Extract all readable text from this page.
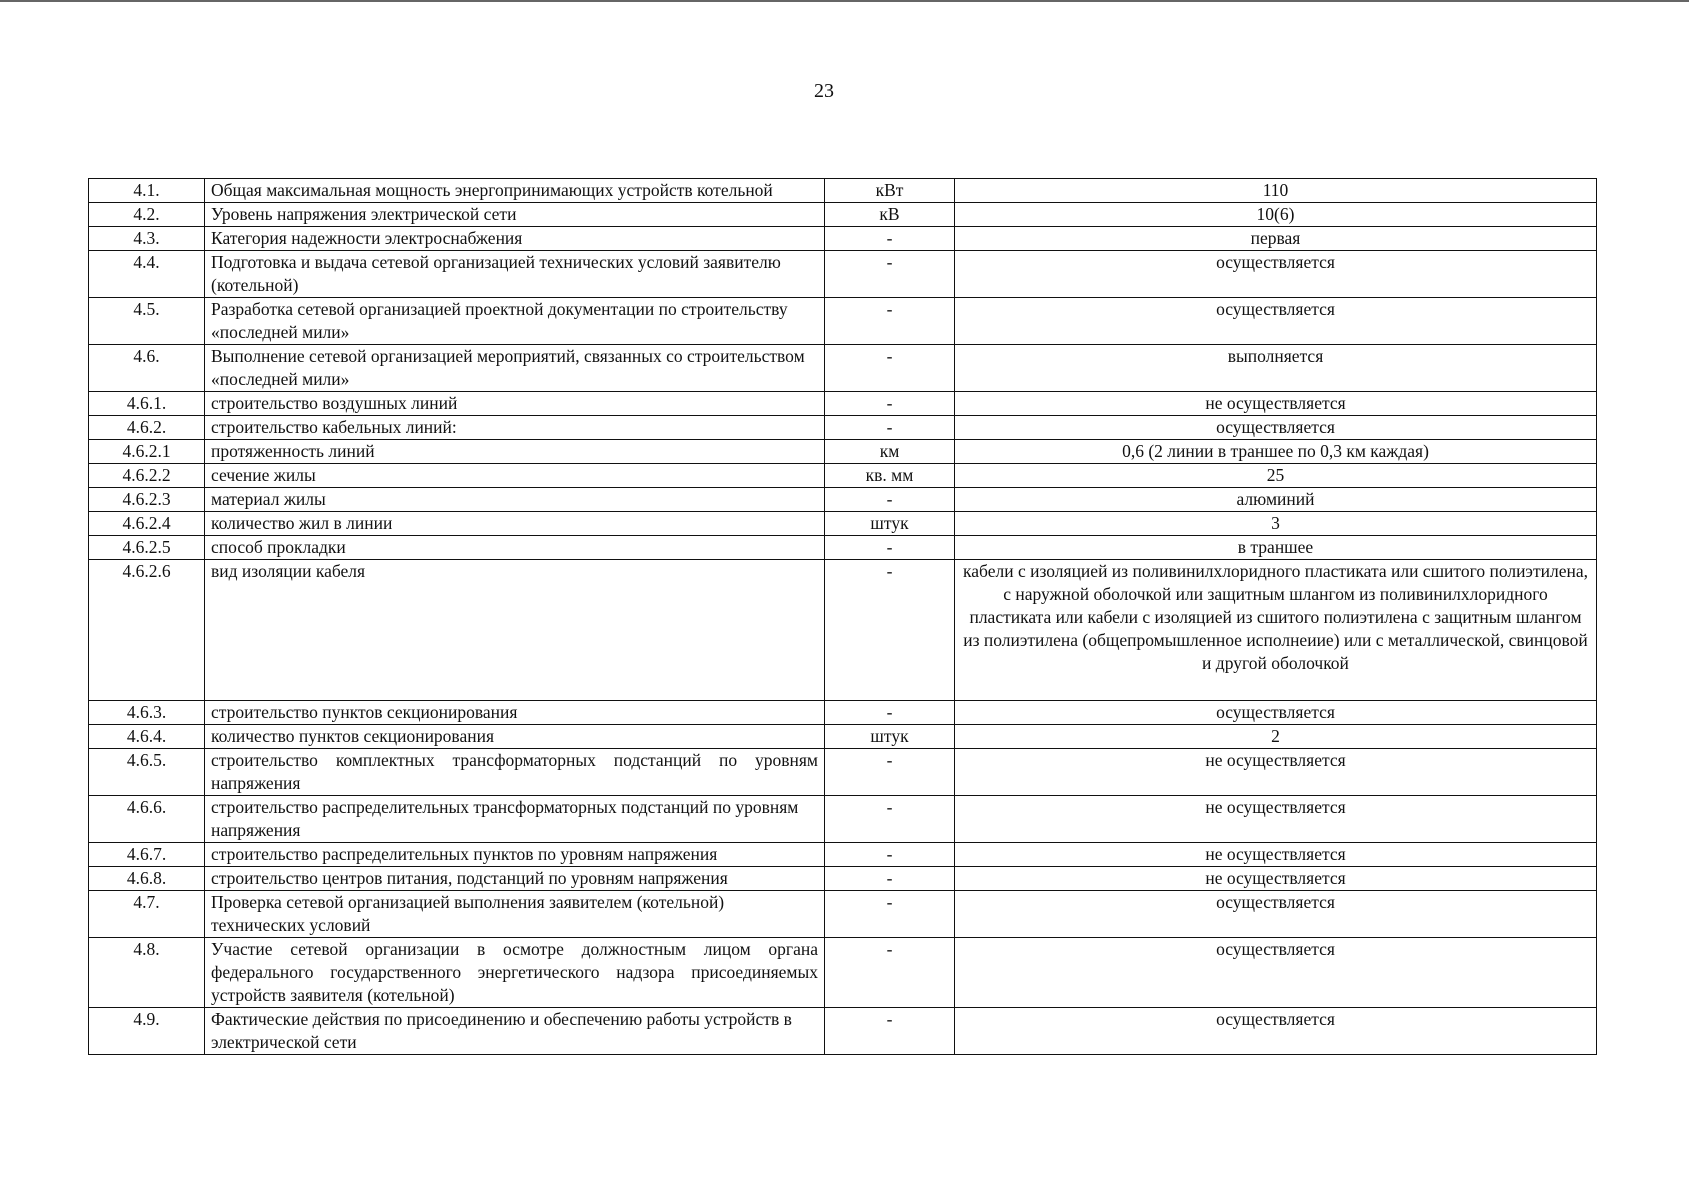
23
4.1.	Общая максимальная мощность энергопринимающих устройств котельной	кВт	110
4.2.	Уровень напряжения электрической сети	кВ	10(6)
4.3.	Категория надежности электроснабжения	-	первая
4.4.	Подготовка и выдача сетевой организацией технических условий заявителю (котельной)	-	осуществляется
4.5.	Разработка сетевой организацией проектной документации по строительству «последней мили»	-	осуществляется
4.6.	Выполнение сетевой организацией мероприятий, связанных со строительством «последней мили»	-	выполняется
4.6.1.	строительство воздушных линий	-	не осуществляется
4.6.2.	строительство кабельных линий:	-	осуществляется
4.6.2.1	протяженность линий	км	0,6 (2 линии в траншее по 0,3 км каждая)
4.6.2.2	сечение жилы	кв. мм	25
4.6.2.3	материал жилы	-	алюминий
4.6.2.4	количество жил в линии	штук	3
4.6.2.5	способ прокладки	-	в траншее
4.6.2.6	вид изоляции кабеля	-	кабели с изоляцией из поливинилхлоридного пластиката или сшитого полиэтилена, с наружной оболочкой или защитным шлангом из поливинилхлоридного пластиката или кабели с изоляцией из сшитого полиэтилена с защитным шлангом из полиэтилена (общепромышленное исполнеиие) или с металлической, свинцовой и другой оболочкой
4.6.3.	строительство пунктов секционирования	-	осуществляется
4.6.4.	количество пунктов секционирования	штук	2
4.6.5.	строительство комплектных трансформаторных подстанций по уровням напряжения	-	не осуществляется
4.6.6.	строительство распределительных трансформаторных подстанций по уровням напряжения	-	не осуществляется
4.6.7.	строительство распределительных пунктов по уровням напряжения	-	не осуществляется
4.6.8.	строительство центров питания, подстанций по уровням напряжения	-	не осуществляется
4.7.	Проверка сетевой организацией выполнения заявителем (котельной) технических условий	-	осуществляется
4.8.	Участие сетевой организации в осмотре должностным лицом органа федерального государственного энергетического надзора присоединяемых устройств заявителя (котельной)	-	осуществляется
4.9.	Фактические действия по присоединению и обеспечению работы устройств в электрической сети	-	осуществляется
